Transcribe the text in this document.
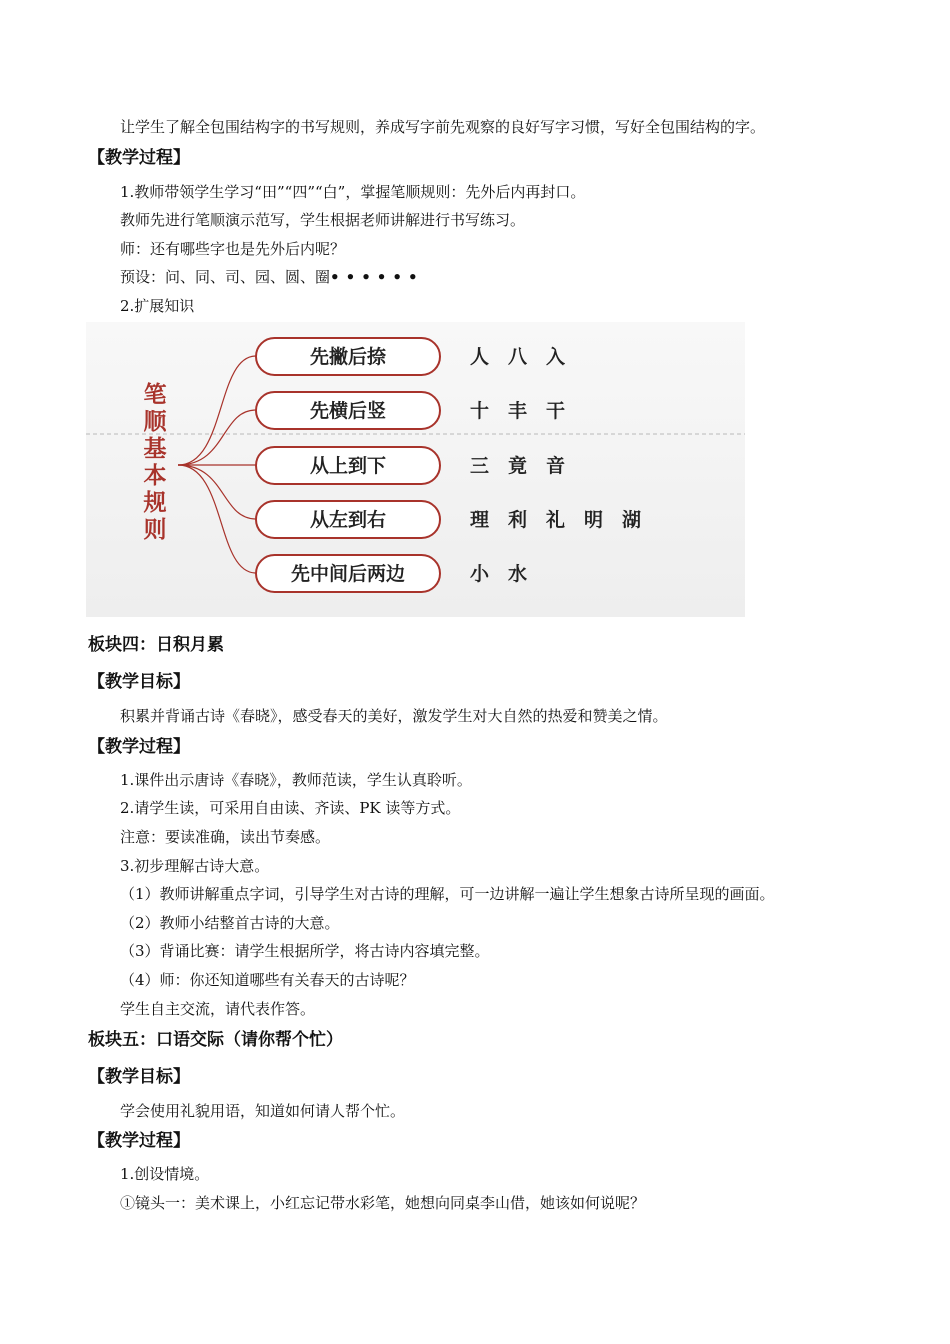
让学生了解全包围结构字的书写规则，养成写字前先观察的良好写字习惯，写好全包围结构的字。
【教学过程】
1.教师带领学生学习“田”“四”“白”，掌握笔顺规则：先外后内再封口。
教师先进行笔顺演示范写，学生根据老师讲解进行书写练习。
师：还有哪些字也是先外后内呢？
预设：问、同、司、园、圆、圈••••••
2.扩展知识
笔
顺
基
本
规
则
先撇后捺
先横后竖
从上到下
从左到右
先中间后两边
人　八　入
十　丰　干
三　竟　音
理　利　礼　明　湖
小　水
板块四：日积月累
【教学目标】
积累并背诵古诗《春晓》，感受春天的美好，激发学生对大自然的热爱和赞美之情。
【教学过程】
1.课件出示唐诗《春晓》，教师范读，学生认真聆听。
2.请学生读，可采用自由读、齐读、PK 读等方式。
注意：要读准确，读出节奏感。
3.初步理解古诗大意。
（1）教师讲解重点字词，引导学生对古诗的理解，可一边讲解一遍让学生想象古诗所呈现的画面。
（2）教师小结整首古诗的大意。
（3）背诵比赛：请学生根据所学，将古诗内容填完整。
（4）师：你还知道哪些有关春天的古诗呢？
学生自主交流，请代表作答。
板块五：口语交际（请你帮个忙）
【教学目标】
学会使用礼貌用语，知道如何请人帮个忙。
【教学过程】
1.创设情境。
①镜头一：美术课上，小红忘记带水彩笔，她想向同桌李山借，她该如何说呢？
